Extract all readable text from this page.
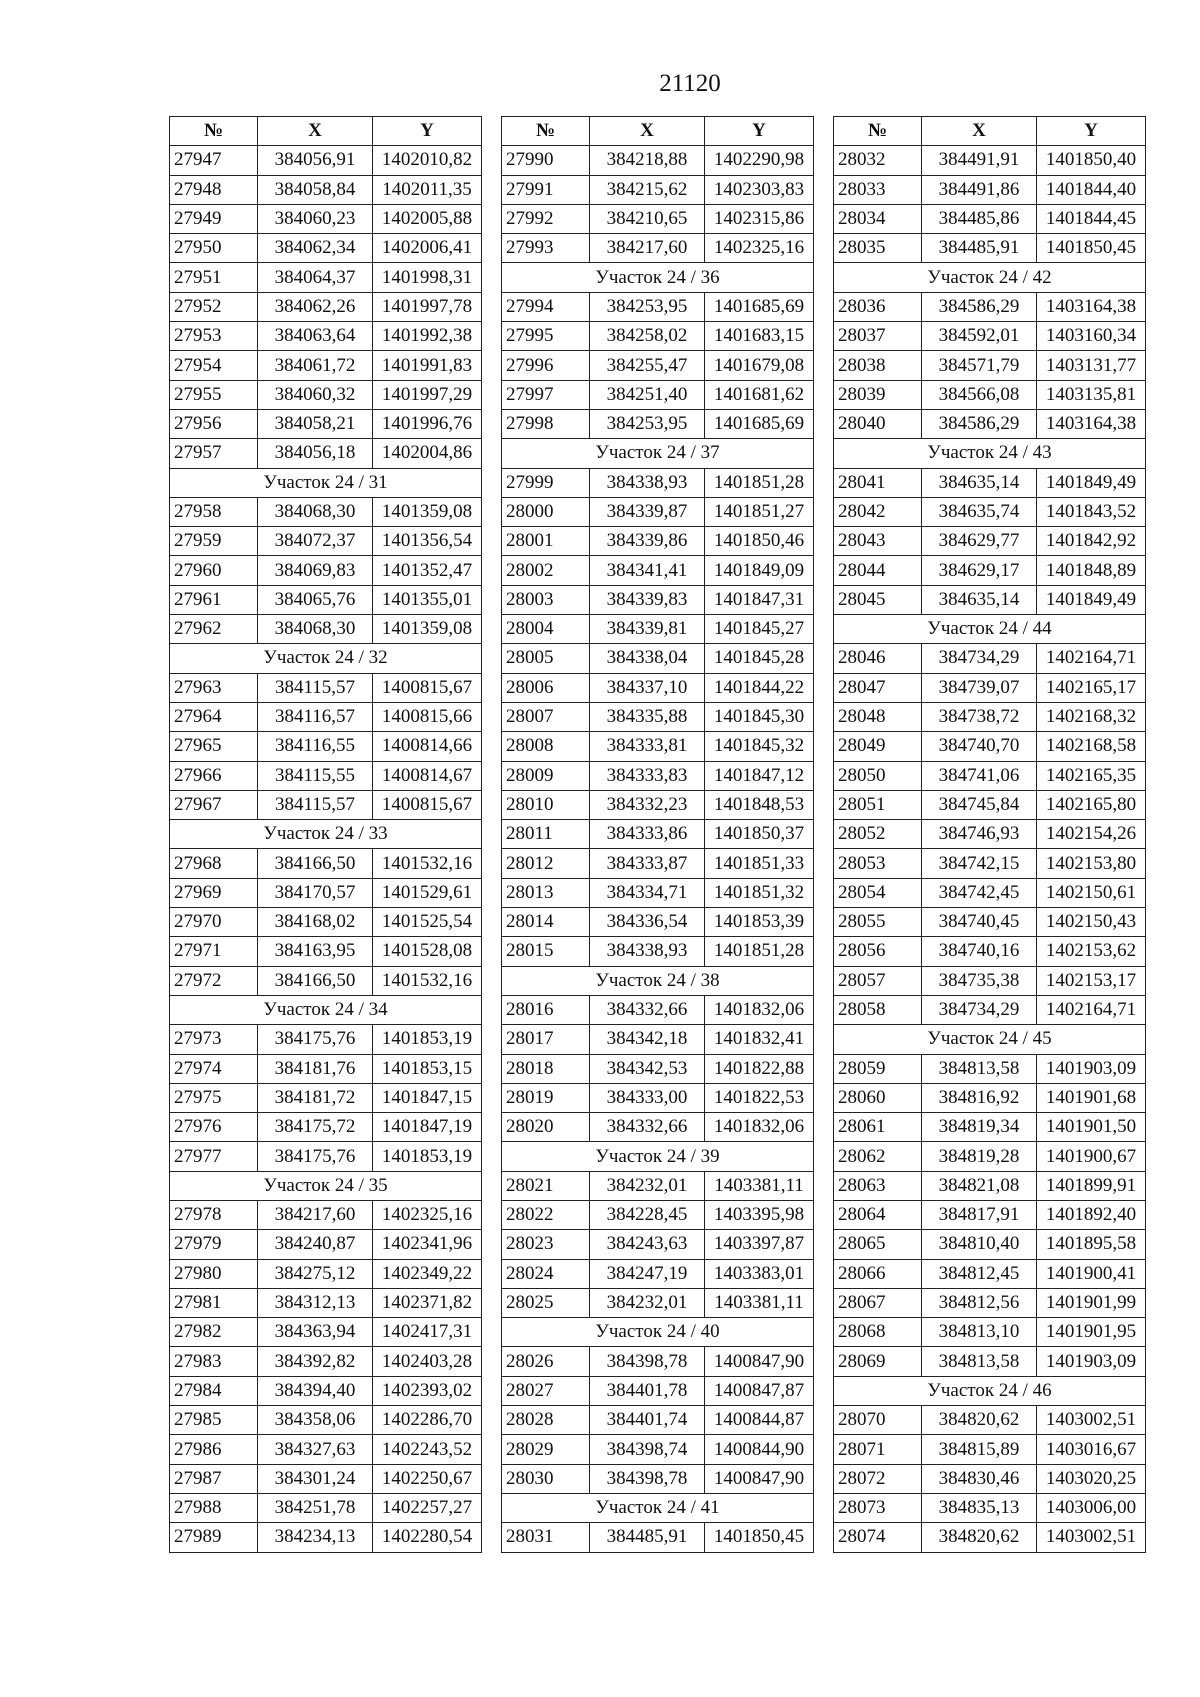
21120
№	X	Y
27947	384056,91	1402010,82
27948	384058,84	1402011,35
27949	384060,23	1402005,88
27950	384062,34	1402006,41
27951	384064,37	1401998,31
27952	384062,26	1401997,78
27953	384063,64	1401992,38
27954	384061,72	1401991,83
27955	384060,32	1401997,29
27956	384058,21	1401996,76
27957	384056,18	1402004,86
Участок 24 / 31		
27958	384068,30	1401359,08
27959	384072,37	1401356,54
27960	384069,83	1401352,47
27961	384065,76	1401355,01
27962	384068,30	1401359,08
Участок 24 / 32		
27963	384115,57	1400815,67
27964	384116,57	1400815,66
27965	384116,55	1400814,66
27966	384115,55	1400814,67
27967	384115,57	1400815,67
Участок 24 / 33		
27968	384166,50	1401532,16
27969	384170,57	1401529,61
27970	384168,02	1401525,54
27971	384163,95	1401528,08
27972	384166,50	1401532,16
Участок 24 / 34		
27973	384175,76	1401853,19
27974	384181,76	1401853,15
27975	384181,72	1401847,15
27976	384175,72	1401847,19
27977	384175,76	1401853,19
Участок 24 / 35		
27978	384217,60	1402325,16
27979	384240,87	1402341,96
27980	384275,12	1402349,22
27981	384312,13	1402371,82
27982	384363,94	1402417,31
27983	384392,82	1402403,28
27984	384394,40	1402393,02
27985	384358,06	1402286,70
27986	384327,63	1402243,52
27987	384301,24	1402250,67
27988	384251,78	1402257,27
27989	384234,13	1402280,54
№	X	Y
27990	384218,88	1402290,98
27991	384215,62	1402303,83
27992	384210,65	1402315,86
27993	384217,60	1402325,16
Участок 24 / 36		
27994	384253,95	1401685,69
27995	384258,02	1401683,15
27996	384255,47	1401679,08
27997	384251,40	1401681,62
27998	384253,95	1401685,69
Участок 24 / 37		
27999	384338,93	1401851,28
28000	384339,87	1401851,27
28001	384339,86	1401850,46
28002	384341,41	1401849,09
28003	384339,83	1401847,31
28004	384339,81	1401845,27
28005	384338,04	1401845,28
28006	384337,10	1401844,22
28007	384335,88	1401845,30
28008	384333,81	1401845,32
28009	384333,83	1401847,12
28010	384332,23	1401848,53
28011	384333,86	1401850,37
28012	384333,87	1401851,33
28013	384334,71	1401851,32
28014	384336,54	1401853,39
28015	384338,93	1401851,28
Участок 24 / 38		
28016	384332,66	1401832,06
28017	384342,18	1401832,41
28018	384342,53	1401822,88
28019	384333,00	1401822,53
28020	384332,66	1401832,06
Участок 24 / 39		
28021	384232,01	1403381,11
28022	384228,45	1403395,98
28023	384243,63	1403397,87
28024	384247,19	1403383,01
28025	384232,01	1403381,11
Участок 24 / 40		
28026	384398,78	1400847,90
28027	384401,78	1400847,87
28028	384401,74	1400844,87
28029	384398,74	1400844,90
28030	384398,78	1400847,90
Участок 24 / 41		
28031	384485,91	1401850,45
№	X	Y
28032	384491,91	1401850,40
28033	384491,86	1401844,40
28034	384485,86	1401844,45
28035	384485,91	1401850,45
Участок 24 / 42		
28036	384586,29	1403164,38
28037	384592,01	1403160,34
28038	384571,79	1403131,77
28039	384566,08	1403135,81
28040	384586,29	1403164,38
Участок 24 / 43		
28041	384635,14	1401849,49
28042	384635,74	1401843,52
28043	384629,77	1401842,92
28044	384629,17	1401848,89
28045	384635,14	1401849,49
Участок 24 / 44		
28046	384734,29	1402164,71
28047	384739,07	1402165,17
28048	384738,72	1402168,32
28049	384740,70	1402168,58
28050	384741,06	1402165,35
28051	384745,84	1402165,80
28052	384746,93	1402154,26
28053	384742,15	1402153,80
28054	384742,45	1402150,61
28055	384740,45	1402150,43
28056	384740,16	1402153,62
28057	384735,38	1402153,17
28058	384734,29	1402164,71
Участок 24 / 45		
28059	384813,58	1401903,09
28060	384816,92	1401901,68
28061	384819,34	1401901,50
28062	384819,28	1401900,67
28063	384821,08	1401899,91
28064	384817,91	1401892,40
28065	384810,40	1401895,58
28066	384812,45	1401900,41
28067	384812,56	1401901,99
28068	384813,10	1401901,95
28069	384813,58	1401903,09
Участок 24 / 46		
28070	384820,62	1403002,51
28071	384815,89	1403016,67
28072	384830,46	1403020,25
28073	384835,13	1403006,00
28074	384820,62	1403002,51
